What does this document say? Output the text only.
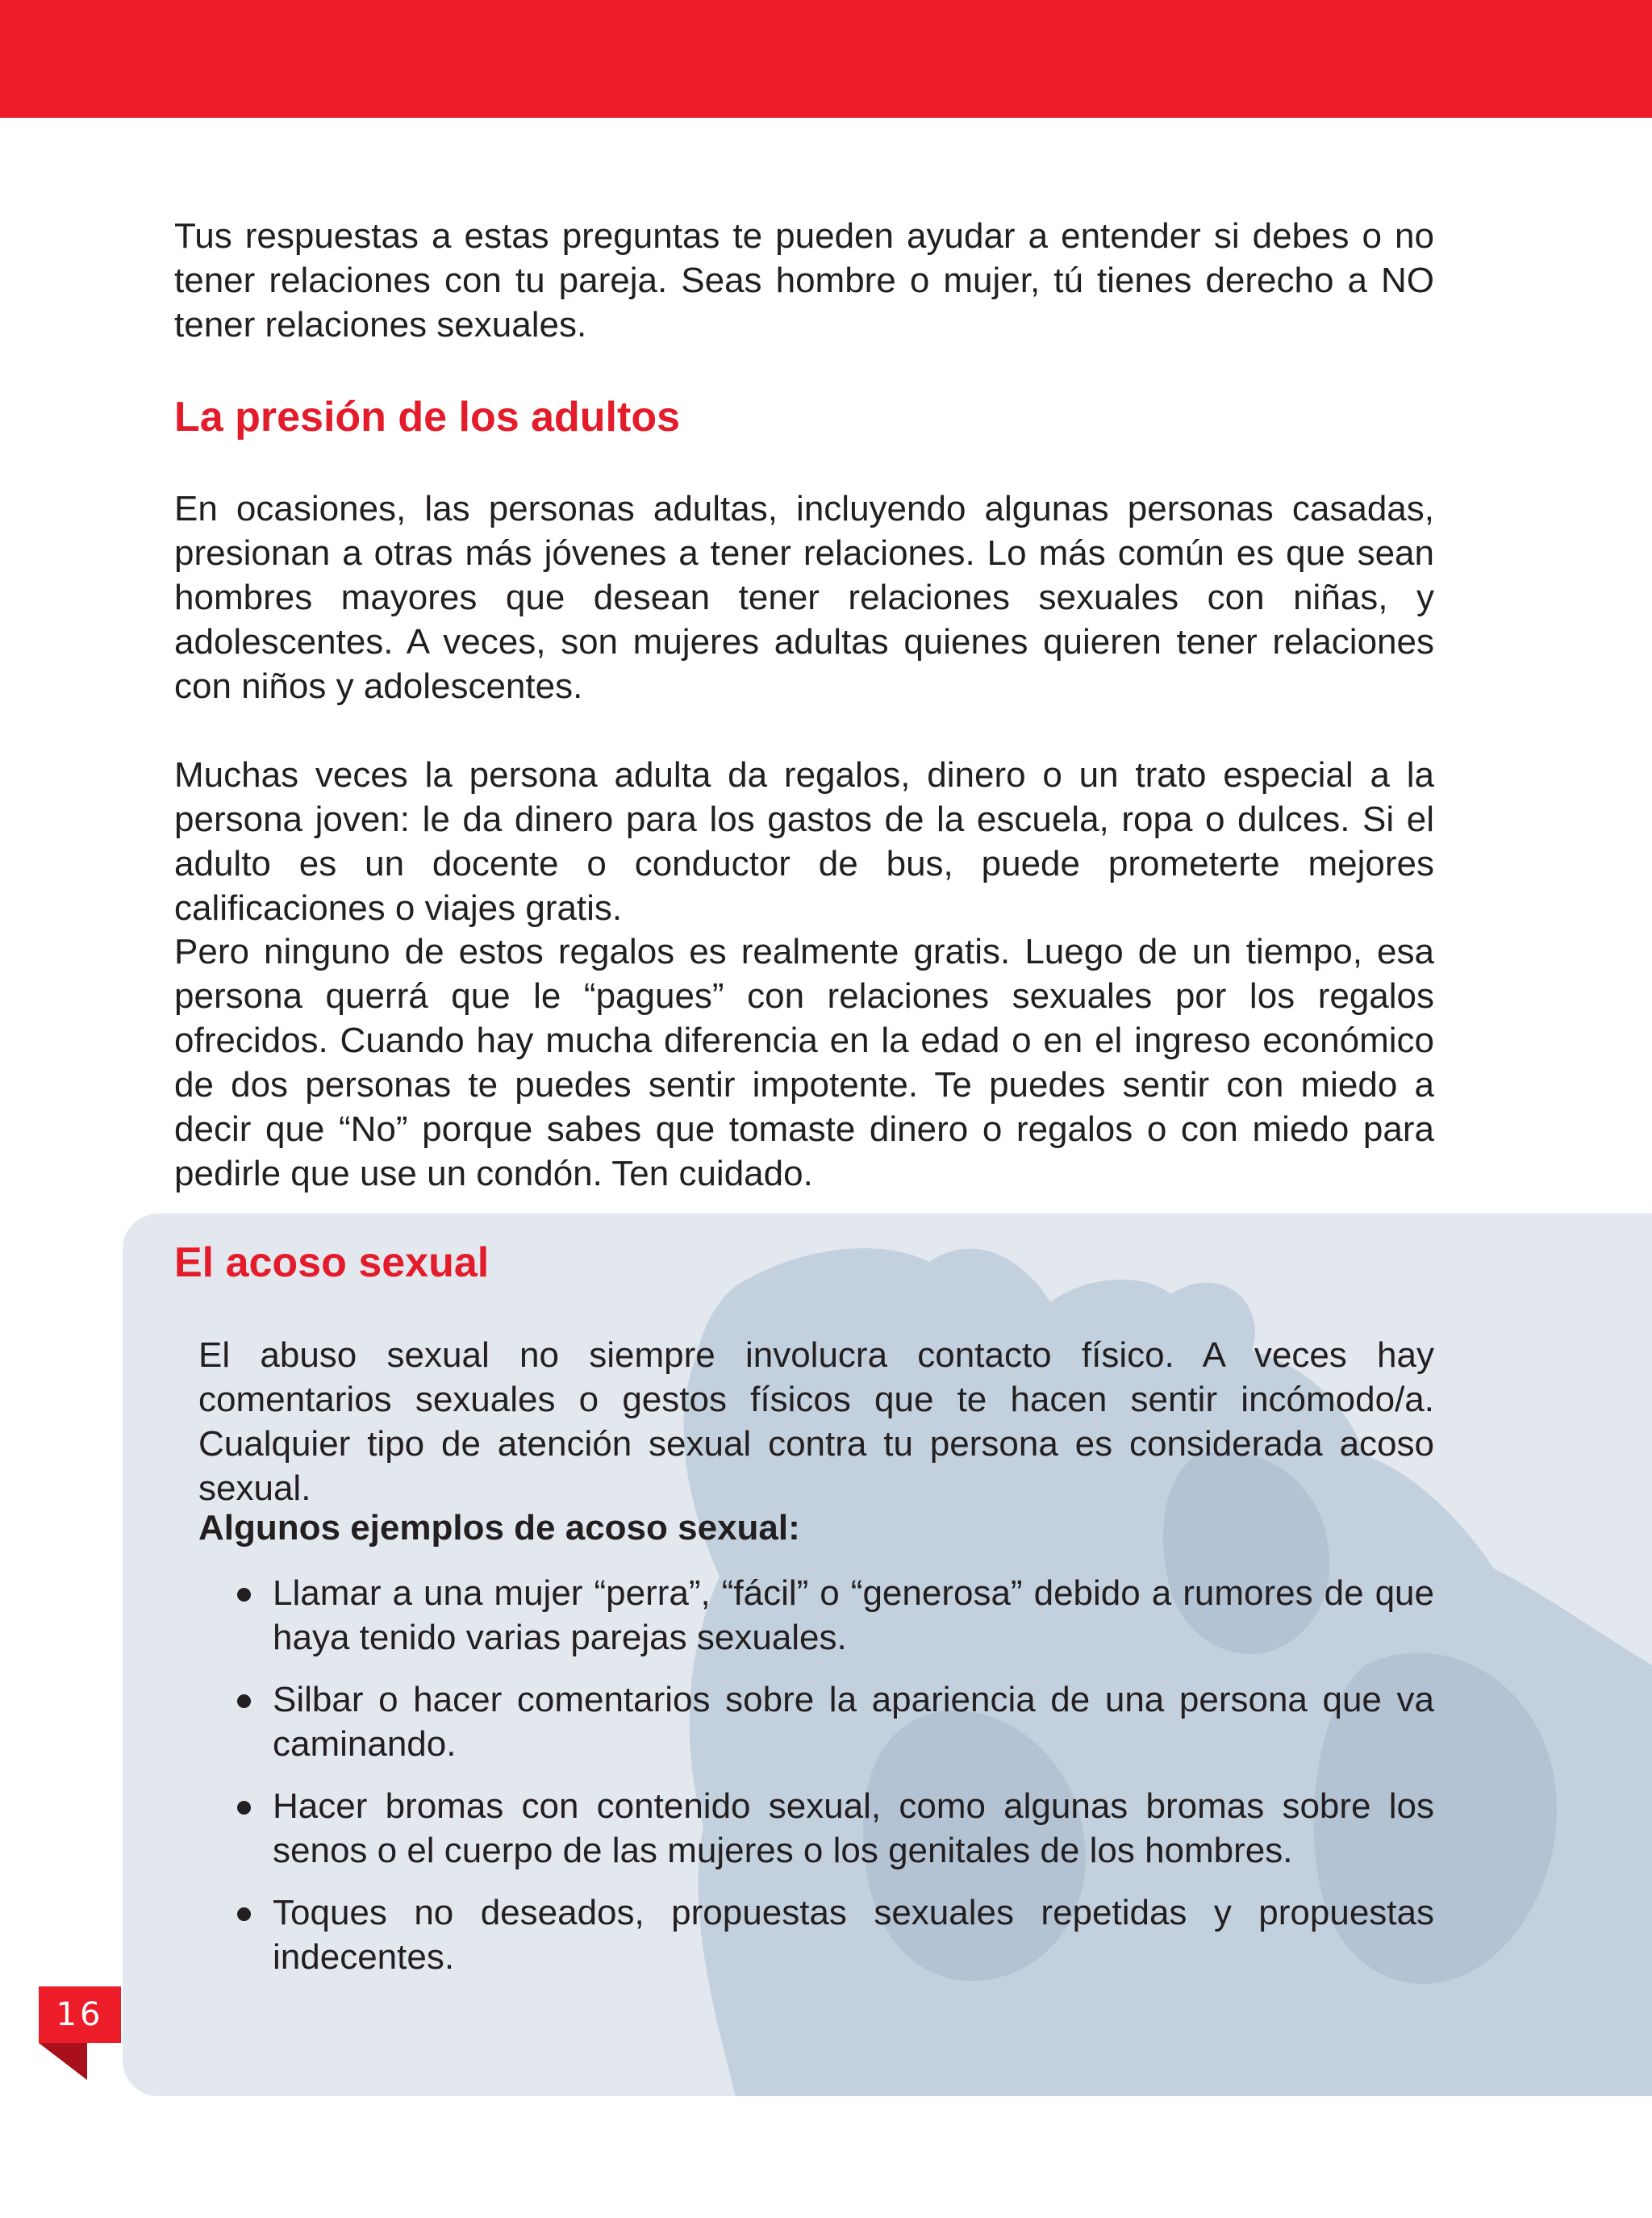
Tus respuestas a estas preguntas te pueden ayudar a entender si debes o no tener relaciones con tu pareja. Seas hombre o mujer, tú tienes derecho a NO tener relaciones sexuales.

La presión de los adultos

En ocasiones, las personas adultas, incluyendo algunas personas casadas, presionan a otras más jóvenes a tener relaciones. Lo más común es que sean hombres mayores que desean tener relaciones sexuales con niñas, y adolescentes. A veces, son mujeres adultas quienes quieren tener relaciones con niños y adolescentes.

Muchas veces la persona adulta da regalos, dinero o un trato especial a la persona joven: le da dinero para los gastos de la escuela, ropa o dulces. Si el adulto es un docente o conductor de bus, puede prometerte mejores calificaciones o viajes gratis.

Pero ninguno de estos regalos es realmente gratis. Luego de un tiempo, esa persona querrá que le “pagues” con relaciones sexuales por los regalos ofrecidos. Cuando hay mucha diferencia en la edad o en el ingreso económico de dos personas te puedes sentir impotente. Te puedes sentir con miedo a decir que “No” porque sabes que tomaste dinero o regalos o con miedo para pedirle que use un condón. Ten cuidado.

El acoso sexual

El abuso sexual no siempre involucra contacto físico. A veces hay comentarios sexuales o gestos físicos que te hacen sentir incómodo/a. Cualquier tipo de atención sexual contra tu persona es considerada acoso sexual.

Algunos ejemplos de acoso sexual:
Llamar a una mujer “perra”, “fácil” o “generosa” debido a rumores de que haya tenido varias parejas sexuales.
Silbar o hacer comentarios sobre la apariencia de una persona que va caminando.
Hacer bromas con contenido sexual, como algunas bromas sobre los senos o el cuerpo de las mujeres o los genitales de los hombres.
Toques no deseados, propuestas sexuales repetidas y propuestas indecentes.
16
